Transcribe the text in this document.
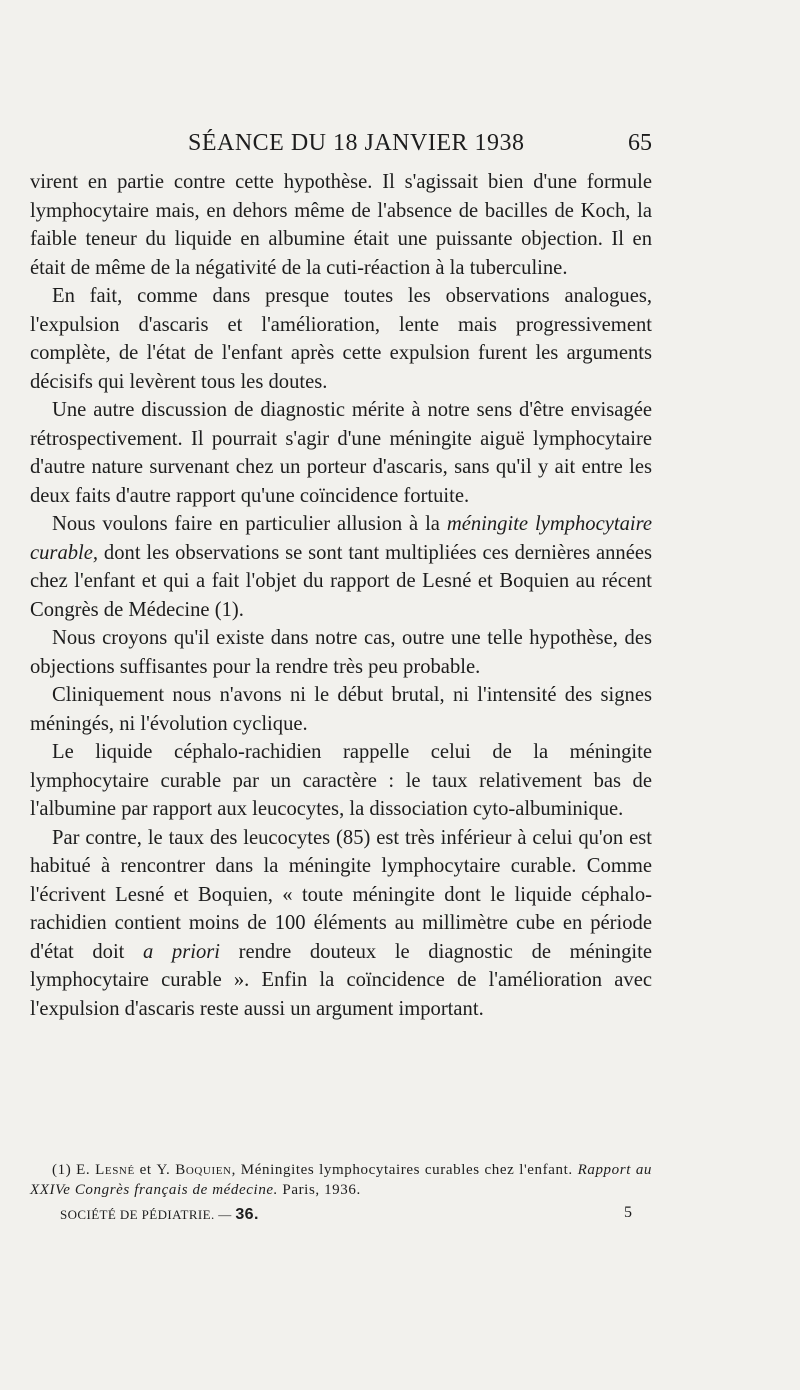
SÉANCE DU 18 JANVIER 1938	65

virent en partie contre cette hypothèse. Il s'agissait bien d'une formule lymphocytaire mais, en dehors même de l'absence de bacilles de Koch, la faible teneur du liquide en albumine était une puissante objection. Il en était de même de la négativité de la cuti-réaction à la tuberculine.

En fait, comme dans presque toutes les observations analogues, l'expulsion d'ascaris et l'amélioration, lente mais progressivement complète, de l'état de l'enfant après cette expulsion furent les arguments décisifs qui levèrent tous les doutes.

Une autre discussion de diagnostic mérite à notre sens d'être envisagée rétrospectivement. Il pourrait s'agir d'une méningite aiguë lymphocytaire d'autre nature survenant chez un porteur d'ascaris, sans qu'il y ait entre les deux faits d'autre rapport qu'une coïncidence fortuite.

Nous voulons faire en particulier allusion à la méningite lymphocytaire curable, dont les observations se sont tant multipliées ces dernières années chez l'enfant et qui a fait l'objet du rapport de Lesné et Boquien au récent Congrès de Médecine (1).

Nous croyons qu'il existe dans notre cas, outre une telle hypothèse, des objections suffisantes pour la rendre très peu probable.

Cliniquement nous n'avons ni le début brutal, ni l'intensité des signes méningés, ni l'évolution cyclique.

Le liquide céphalo-rachidien rappelle celui de la méningite lymphocytaire curable par un caractère : le taux relativement bas de l'albumine par rapport aux leucocytes, la dissociation cyto-albuminique.

Par contre, le taux des leucocytes (85) est très inférieur à celui qu'on est habitué à rencontrer dans la méningite lymphocytaire curable. Comme l'écrivent Lesné et Boquien, « toute méningite dont le liquide céphalo-rachidien contient moins de 100 éléments au millimètre cube en période d'état doit a priori rendre douteux le diagnostic de méningite lymphocytaire curable ». Enfin la coïncidence de l'amélioration avec l'expulsion d'ascaris reste aussi un argument important.

(1) E. Lesné et Y. Boquien, Méningites lymphocytaires curables chez l'enfant. Rapport au XXIVe Congrès français de médecine. Paris, 1936.
SOCIÉTÉ DE PÉDIATRIE. — 36.	5
